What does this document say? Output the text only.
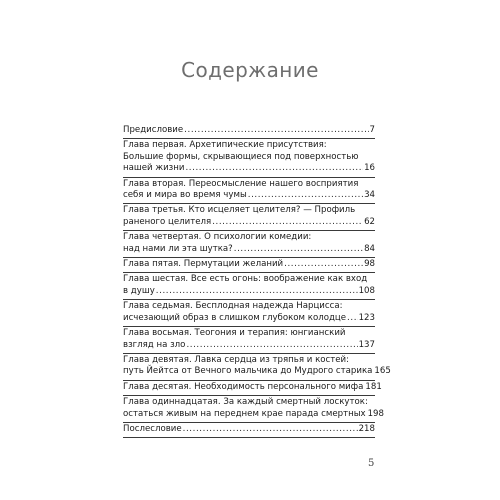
Содержание
Предисловие .....	7
Глава первая. Архетипические присутствия:
Большие формы, скрывающиеся под поверхностью
нашей жизни .....	16
Глава вторая. Переосмысление нашего восприятия
себя и мира во время чумы .....	34
Глава третья. Кто исцеляет целителя? — Профиль
раненого целителя .....	62
Глава четвертая. О психологии комедии:
над нами ли эта шутка? .....	84
Глава пятая. Пермутации желаний .....	98
Глава шестая. Все есть огонь: воображение как вход
в душу .....	108
Глава седьмая. Бесплодная надежда Нарцисса:
исчезающий образ в слишком глубоком колодце ..... 123
Глава восьмая. Теогония и терапия: юнгианский
взгляд на зло .....	137
Глава девятая. Лавка сердца из тряпья и костей:
путь Йейтса от Вечного мальчика до Мудрого старика 165
Глава десятая. Необходимость персонального мифа 181
Глава одиннадцатая. За каждый смертный лоскуток:
остаться живым на переднем крае парада смертных 198
Послесловие .....	218
5
